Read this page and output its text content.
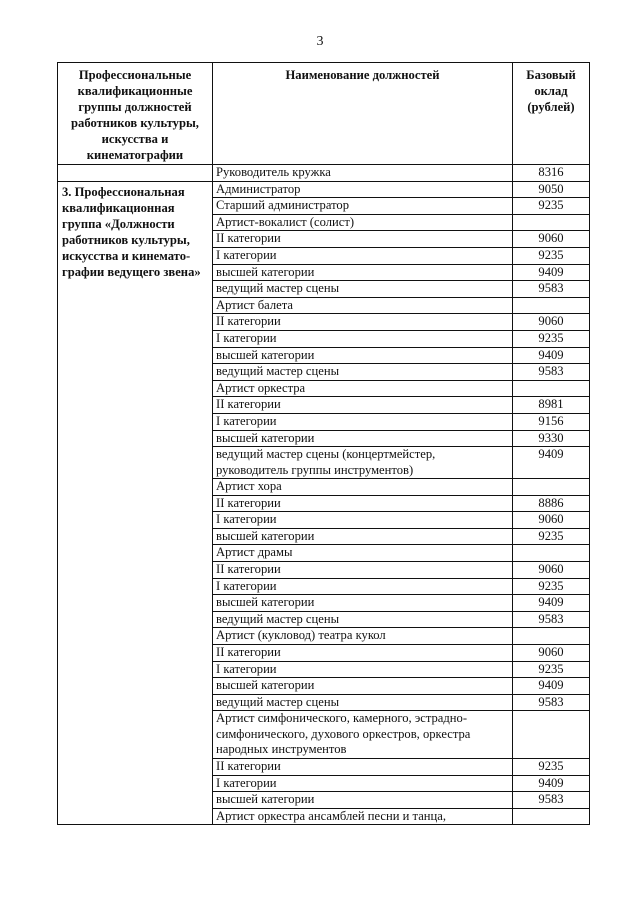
3
Профессиональные квалификационные группы должностей работников культуры, искусства и кинематографии	Наименование должностей	Базовый оклад (рублей)
	Руководитель кружка	8316
3. Профессиональная квалификационная группа «Должности работников культуры, искусства и кинемато-графии ведущего звена»	Администратор	9050
	Старший администратор	9235
	Артист-вокалист (солист)	
	II категории	9060
	I категории	9235
	высшей категории	9409
	ведущий мастер сцены	9583
	Артист балета	
	II категории	9060
	I категории	9235
	высшей категории	9409
	ведущий мастер сцены	9583
	Артист оркестра	
	II категории	8981
	I категории	9156
	высшей категории	9330
	ведущий мастер сцены (концертмейстер, руководитель группы инструментов)	9409
	Артист хора	
	II категории	8886
	I категории	9060
	высшей категории	9235
	Артист драмы	
	II категории	9060
	I категории	9235
	высшей категории	9409
	ведущий мастер сцены	9583
	Артист (кукловод) театра кукол	
	II категории	9060
	I категории	9235
	высшей категории	9409
	ведущий мастер сцены	9583
	Артист симфонического, камерного, эстрадно-симфонического, духового оркестров, оркестра народных инструментов	
	II категории	9235
	I категории	9409
	высшей категории	9583
	Артист оркестра ансамблей песни и танца,	
